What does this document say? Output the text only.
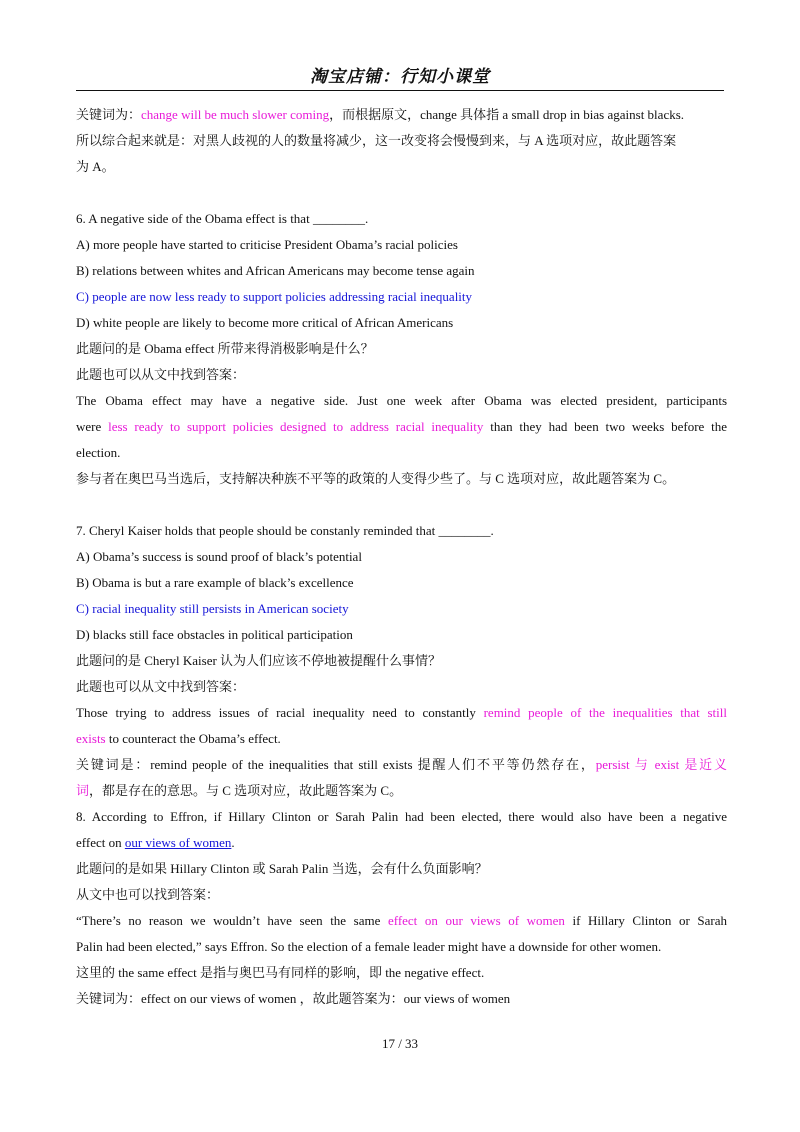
淘宝店铺：行知小课堂
关键词为：change will be much slower coming，而根据原文，change 具体指 a small drop in bias against blacks.
所以综合起来就是：对黑人歧视的人的数量将减少，这一改变将会慢慢到来，与 A 选项对应，故此题答案
为 A。
6. A negative side of the Obama effect is that ________.
A) more people have started to criticise President Obama’s racial policies
B) relations between whites and African Americans may become tense again
C) people are now less ready to support policies addressing racial inequality
D) white people are likely to become more critical of African Americans
此题问的是 Obama effect 所带来得消极影响是什么？
此题也可以从文中找到答案：
The Obama effect may have a negative side. Just one week after Obama was elected president, participants
were less ready to support policies designed to address racial inequality than they had been two weeks before the
election.
参与者在奥巴马当选后，支持解决种族不平等的政策的人变得少些了。与 C 选项对应，故此题答案为 C。
7. Cheryl Kaiser holds that people should be constanly reminded that ________.
A) Obama’s success is sound proof of black’s potential
B) Obama is but a rare example of black’s excellence
C) racial inequality still persists in American society
D) blacks still face obstacles in political participation
此题问的是 Cheryl Kaiser 认为人们应该不停地被提醒什么事情？
此题也可以从文中找到答案：
Those trying to address issues of racial inequality need to constantly remind people of the inequalities that still
exists to counteract the Obama’s effect.
关键词是：remind people of the inequalities that still exists 提醒人们不平等仍然存在，persist 与 exist 是近义
词，都是存在的意思。与 C 选项对应，故此题答案为 C。
8. According to Effron, if Hillary Clinton or Sarah Palin had been elected, there would also have been a negative
effect on our views of women.
此题问的是如果 Hillary Clinton 或 Sarah Palin 当选，会有什么负面影响？
从文中也可以找到答案：
“There’s no reason we wouldn’t have seen the same effect on our views of women if Hillary Clinton or Sarah
Palin had been elected,” says Effron. So the election of a female leader might have a downside for other women.
这里的 the same effect 是指与奥巴马有同样的影响，即 the negative effect.
关键词为：effect on our views of women ，故此题答案为：our views of women
17 / 33
